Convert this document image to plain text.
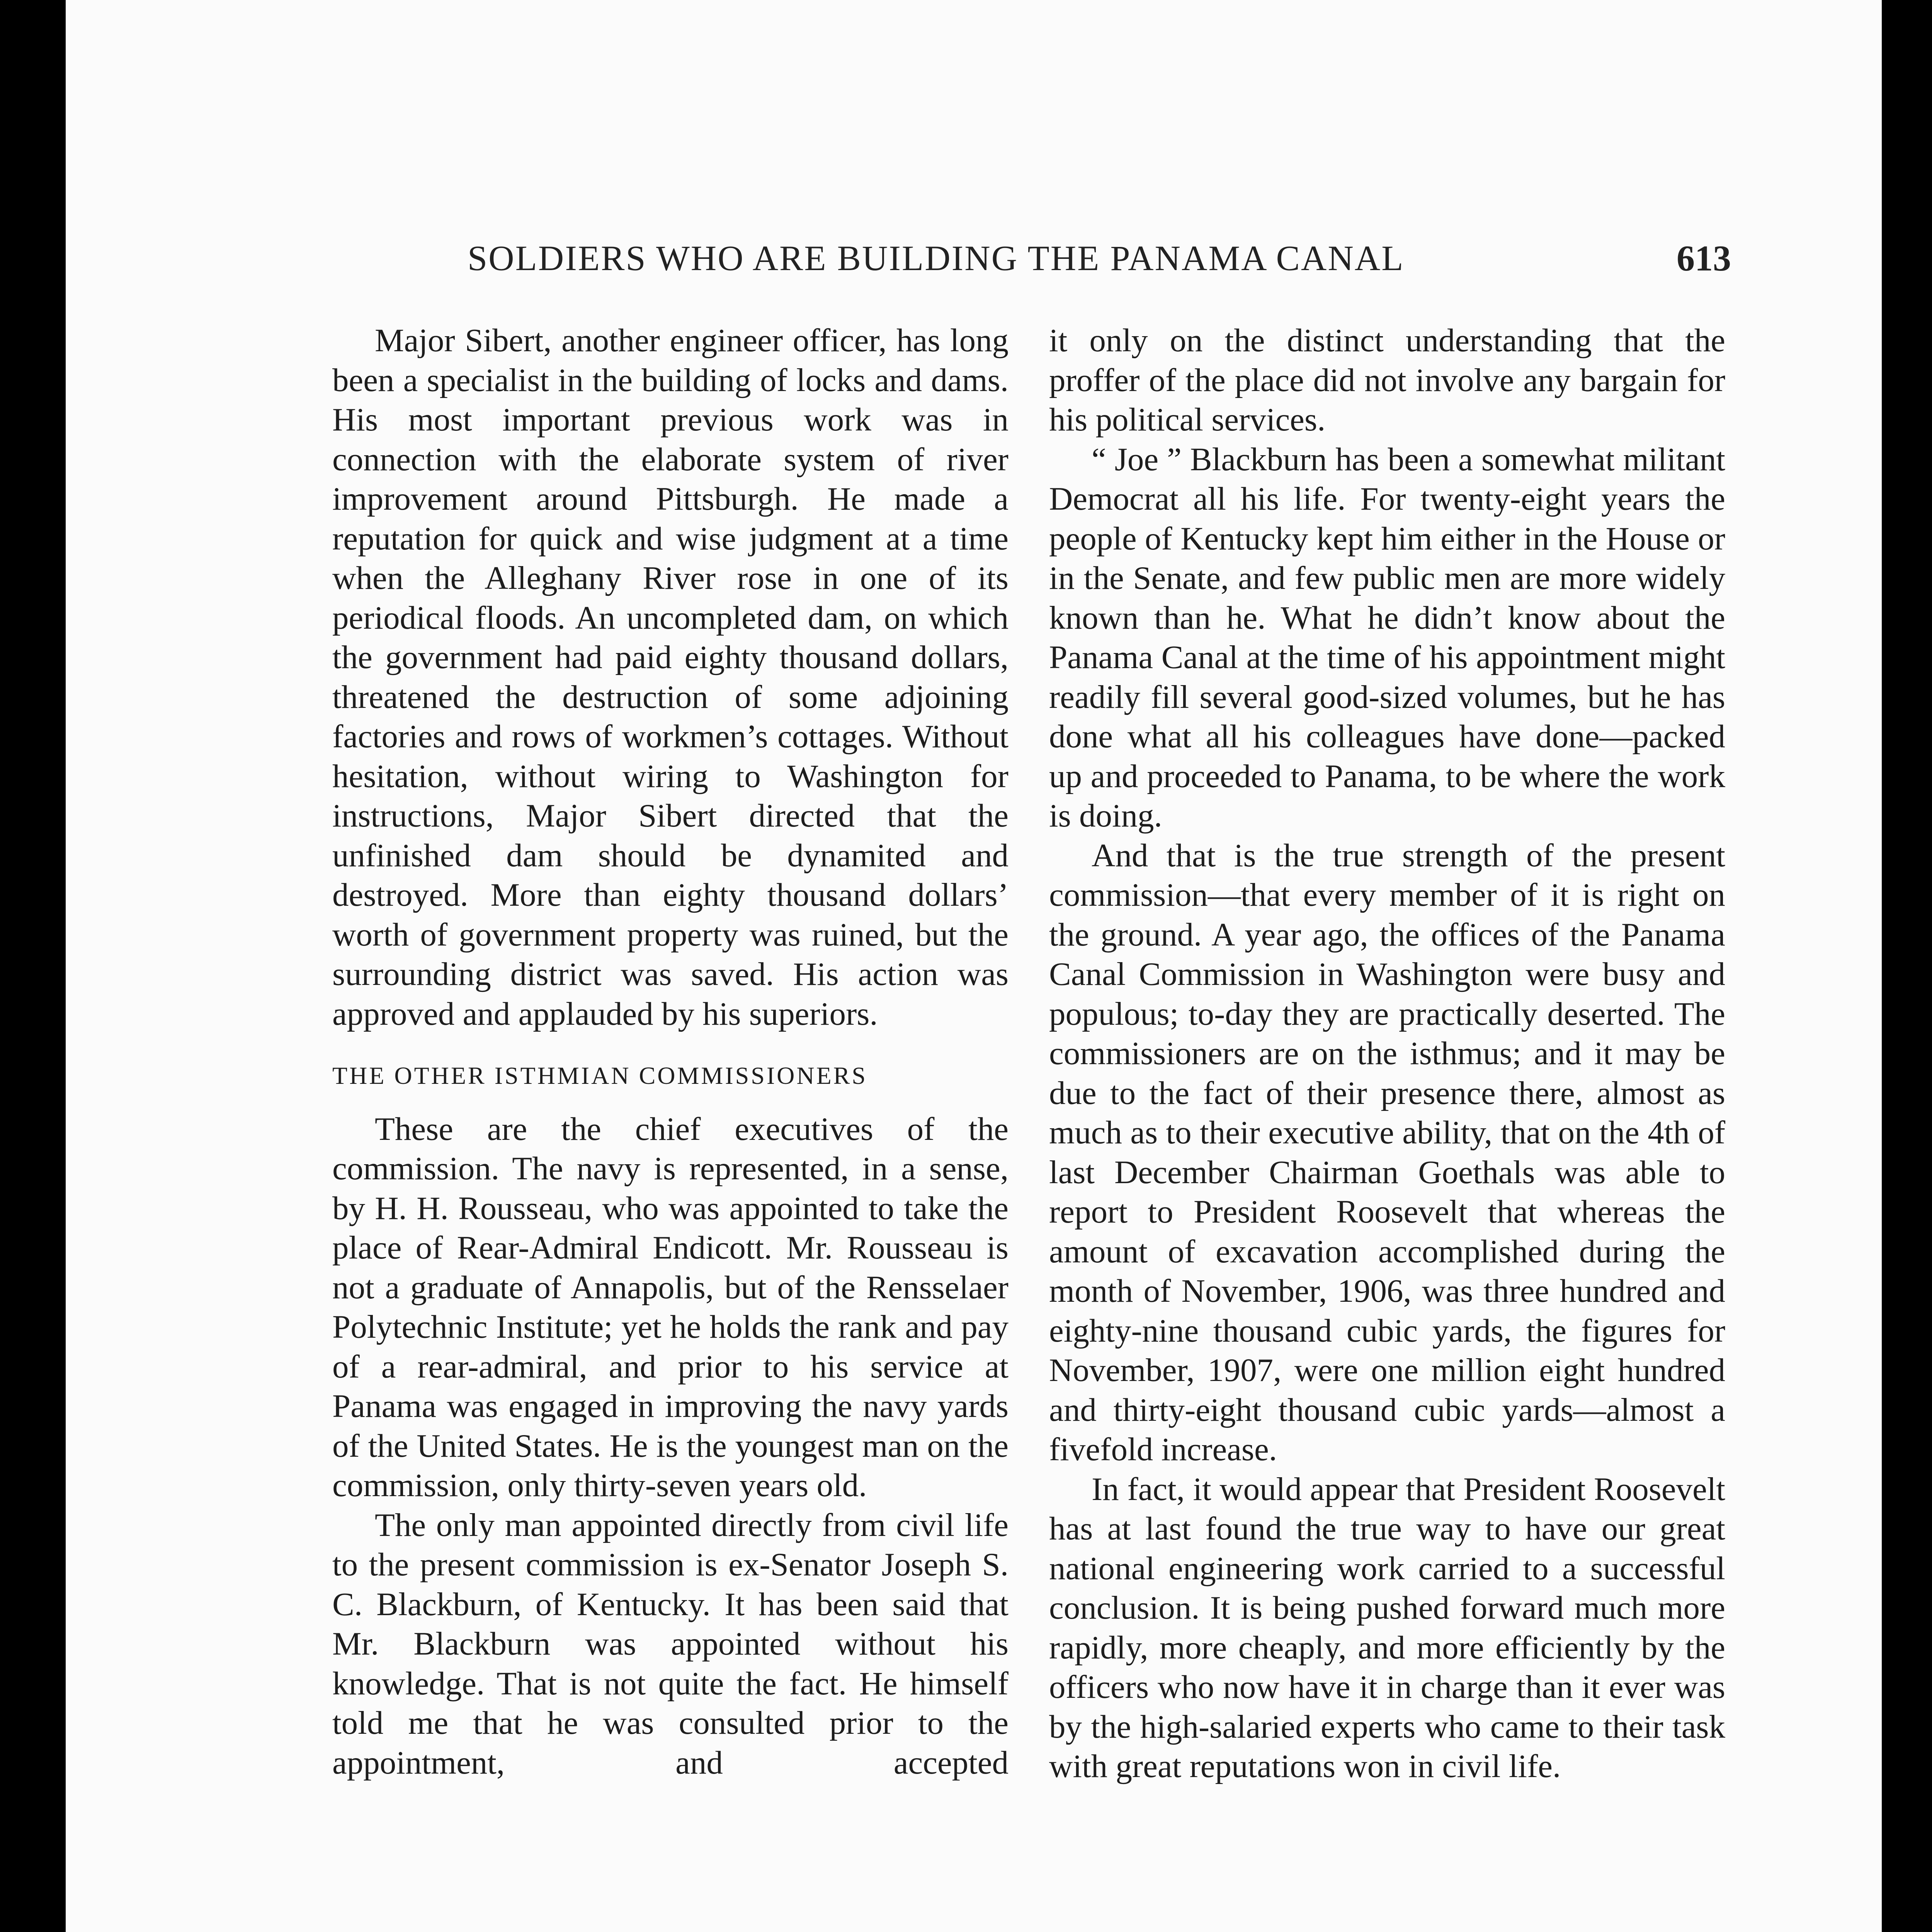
SOLDIERS WHO ARE BUILDING THE PANAMA CANAL	613

Major Sibert, another engineer officer, has long been a specialist in the building of locks and dams. His most important previous work was in connection with the elaborate system of river improvement around Pittsburgh. He made a reputation for quick and wise judgment at a time when the Alleghany River rose in one of its periodical floods. An uncompleted dam, on which the government had paid eighty thousand dollars, threatened the destruction of some adjoining factories and rows of workmen’s cottages. Without hesitation, without wiring to Washington for instructions, Major Sibert directed that the unfinished dam should be dynamited and destroyed. More than eighty thousand dollars’ worth of government property was ruined, but the surrounding district was saved. His action was approved and applauded by his superiors.

THE OTHER ISTHMIAN COMMISSIONERS

These are the chief executives of the commission. The navy is represented, in a sense, by H. H. Rousseau, who was appointed to take the place of Rear-Admiral Endicott. Mr. Rousseau is not a graduate of Annapolis, but of the Rensselaer Polytechnic Institute; yet he holds the rank and pay of a rear-admiral, and prior to his service at Panama was engaged in improving the navy yards of the United States. He is the youngest man on the commission, only thirty-seven years old.

The only man appointed directly from civil life to the present commission is ex-Senator Joseph S. C. Blackburn, of Kentucky. It has been said that Mr. Blackburn was appointed without his knowledge. That is not quite the fact. He himself told me that he was consulted prior to the appointment, and accepted

it only on the distinct understanding that the proffer of the place did not involve any bargain for his political services.

“ Joe ” Blackburn has been a somewhat militant Democrat all his life. For twenty-eight years the people of Kentucky kept him either in the House or in the Senate, and few public men are more widely known than he. What he didn’t know about the Panama Canal at the time of his appointment might readily fill several good-sized volumes, but he has done what all his colleagues have done—packed up and proceeded to Panama, to be where the work is doing.

And that is the true strength of the present commission—that every member of it is right on the ground. A year ago, the offices of the Panama Canal Commission in Washington were busy and populous; to-day they are practically deserted. The commissioners are on the isthmus; and it may be due to the fact of their presence there, almost as much as to their executive ability, that on the 4th of last December Chairman Goethals was able to report to President Roosevelt that whereas the amount of excavation accomplished during the month of November, 1906, was three hundred and eighty-nine thousand cubic yards, the figures for November, 1907, were one million eight hundred and thirty-eight thousand cubic yards—almost a fivefold increase.

In fact, it would appear that President Roosevelt has at last found the true way to have our great national engineering work carried to a successful conclusion. It is being pushed forward much more rapidly, more cheaply, and more efficiently by the officers who now have it in charge than it ever was by the high-salaried experts who came to their task with great reputations won in civil life.
